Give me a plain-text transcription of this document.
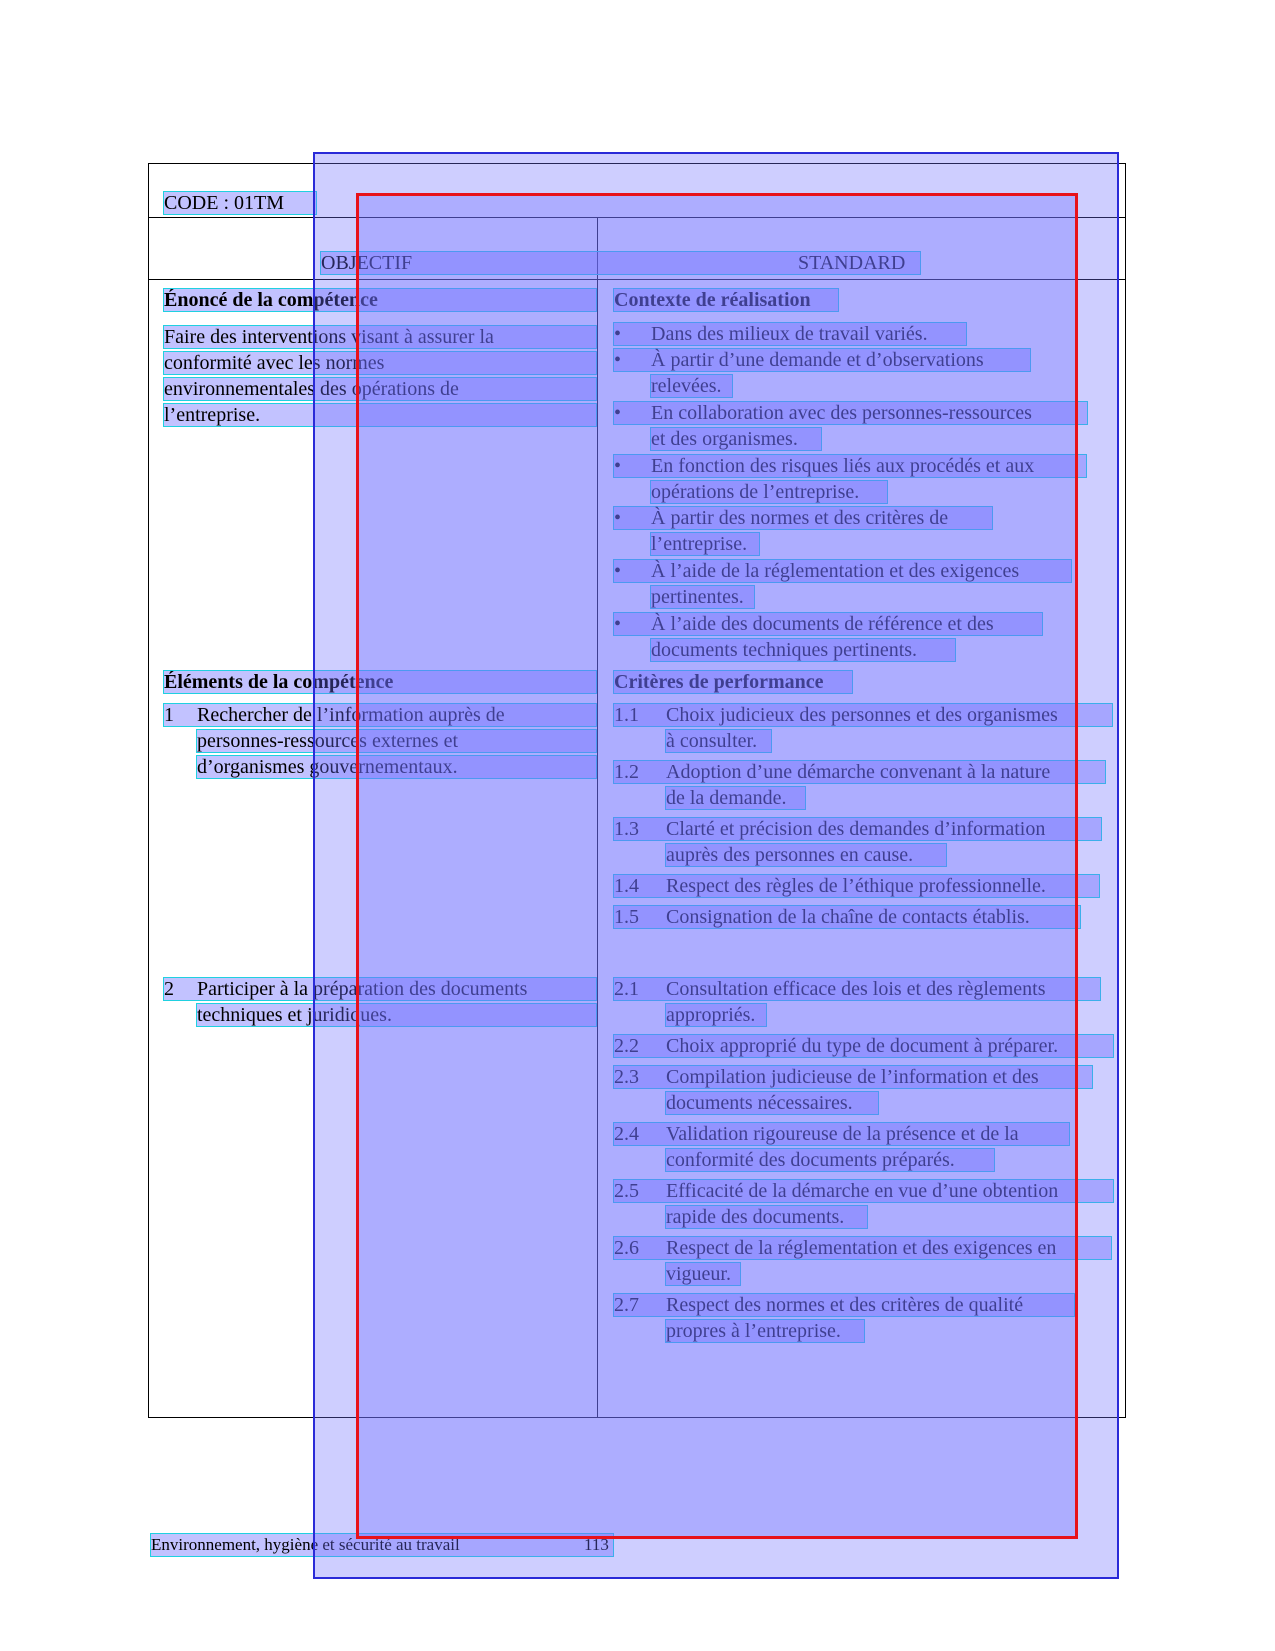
CODE : 01TM
OBJECTIF	STANDARD
Énoncé de la compétence
Faire des interventions visant à assurer la
conformité avec les normes
environnementales des opérations de
l’entreprise.
Éléments de la compétence
1 Rechercher de l’information auprès de
personnes-ressources externes et
d’organismes gouvernementaux.
2 Participer à la préparation des documents
techniques et juridiques.
Contexte de réalisation
• Dans des milieux de travail variés.
• À partir d’une demande et d’observations
relevées.
• En collaboration avec des personnes-ressources
et des organismes.
• En fonction des risques liés aux procédés et aux
opérations de l’entreprise.
• À partir des normes et des critères de
l’entreprise.
• À l’aide de la réglementation et des exigences
pertinentes.
• À l’aide des documents de référence et des
documents techniques pertinents.
Critères de performance
1.1 Choix judicieux des personnes et des organismes
à consulter.
1.2 Adoption d’une démarche convenant à la nature
de la demande.
1.3 Clarté et précision des demandes d’information
auprès des personnes en cause.
1.4 Respect des règles de l’éthique professionnelle.
1.5 Consignation de la chaîne de contacts établis.
2.1 Consultation efficace des lois et des règlements
appropriés.
2.2 Choix approprié du type de document à préparer.
2.3 Compilation judicieuse de l’information et des
documents nécessaires.
2.4 Validation rigoureuse de la présence et de la
conformité des documents préparés.
2.5 Efficacité de la démarche en vue d’une obtention
rapide des documents.
2.6 Respect de la réglementation et des exigences en
vigueur.
2.7 Respect des normes et des critères de qualité
propres à l’entreprise.
Environnement, hygiène et sécurité au travail	113
